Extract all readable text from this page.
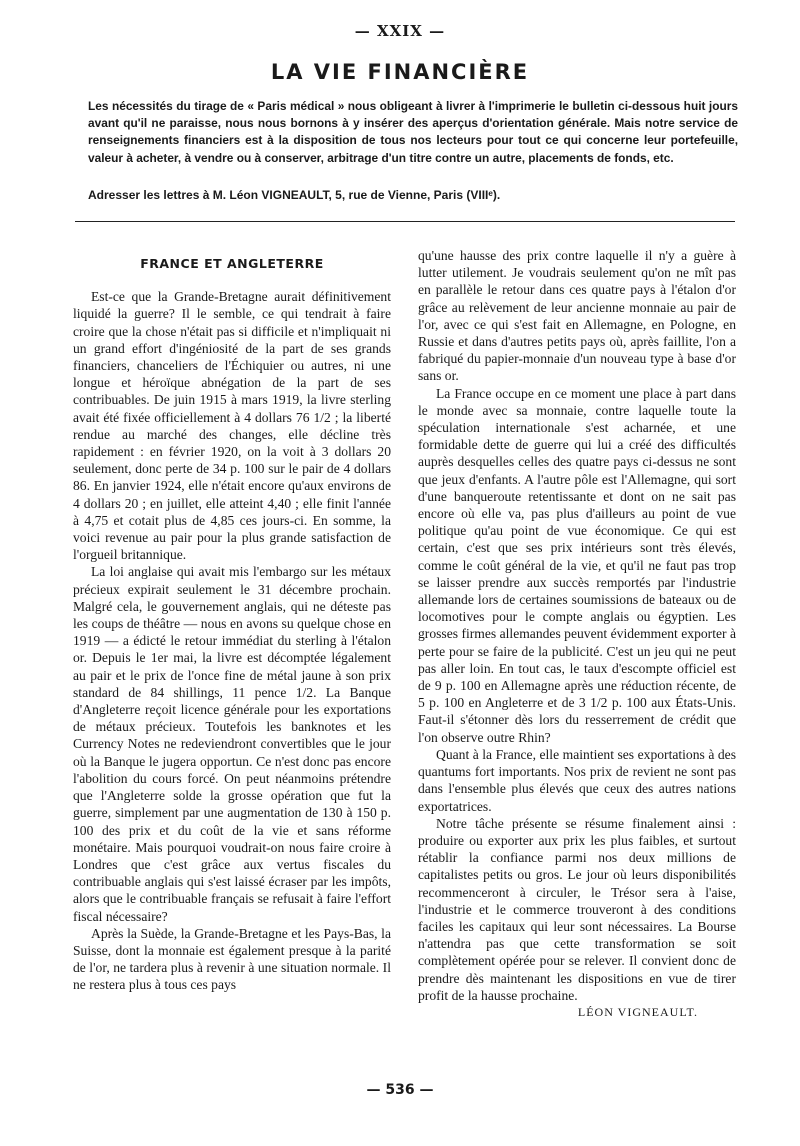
— XXIX —
LA VIE FINANCIÈRE

Les nécessités du tirage de « Paris médical » nous obligeant à livrer à l'imprimerie le bulletin ci-dessous huit jours avant qu'il ne paraisse, nous nous bornons à y insérer des aperçus d'orientation générale. Mais notre service de renseignements financiers est à la disposition de tous nos lecteurs pour tout ce qui concerne leur portefeuille, valeur à acheter, à vendre ou à conserver, arbitrage d'un titre contre un autre, placements de fonds, etc.

Adresser les lettres à M. Léon VIGNEAULT, 5, rue de Vienne, Paris (VIIIᵉ).
FRANCE ET ANGLETERRE

Est-ce que la Grande-Bretagne aurait définitivement liquidé la guerre? Il le semble, ce qui tendrait à faire croire que la chose n'était pas si difficile et n'impliquait ni un grand effort d'ingéniosité de la part de ses grands financiers, chanceliers de l'Échiquier ou autres, ni une longue et héroïque abnégation de la part de ses contribuables. De juin 1915 à mars 1919, la livre sterling avait été fixée officiellement à 4 dollars 76 1/2 ; la liberté rendue au marché des changes, elle décline très rapidement : en février 1920, on la voit à 3 dollars 20 seulement, donc perte de 34 p. 100 sur le pair de 4 dollars 86. En janvier 1924, elle n'était encore qu'aux environs de 4 dollars 20 ; en juillet, elle atteint 4,40 ; elle finit l'année à 4,75 et cotait plus de 4,85 ces jours-ci. En somme, la voici revenue au pair pour la plus grande satisfaction de l'orgueil britannique.

La loi anglaise qui avait mis l'embargo sur les métaux précieux expirait seulement le 31 décembre prochain. Malgré cela, le gouvernement anglais, qui ne déteste pas les coups de théâtre — nous en avons su quelque chose en 1919 — a édicté le retour immédiat du sterling à l'étalon or. Depuis le 1er mai, la livre est décomptée légalement au pair et le prix de l'once fine de métal jaune à son prix standard de 84 shillings, 11 pence 1/2. La Banque d'Angleterre reçoit licence générale pour les exportations de métaux précieux. Toutefois les banknotes et les Currency Notes ne redeviendront convertibles que le jour où la Banque le jugera opportun. Ce n'est donc pas encore l'abolition du cours forcé. On peut néanmoins prétendre que l'Angleterre solde la grosse opération que fut la guerre, simplement par une augmentation de 130 à 150 p. 100 des prix et du coût de la vie et sans réforme monétaire. Mais pourquoi voudrait-on nous faire croire à Londres que c'est grâce aux vertus fiscales du contribuable anglais qui s'est laissé écraser par les impôts, alors que le contribuable français se refusait à faire l'effort fiscal nécessaire?

Après la Suède, la Grande-Bretagne et les Pays-Bas, la Suisse, dont la monnaie est également presque à la parité de l'or, ne tardera plus à revenir à une situation normale. Il ne restera plus à tous ces pays

qu'une hausse des prix contre laquelle il n'y a guère à lutter utilement. Je voudrais seulement qu'on ne mît pas en parallèle le retour dans ces quatre pays à l'étalon d'or grâce au relèvement de leur ancienne monnaie au pair de l'or, avec ce qui s'est fait en Allemagne, en Pologne, en Russie et dans d'autres petits pays où, après faillite, l'on a fabriqué du papier-monnaie d'un nouveau type à base d'or sans or.

La France occupe en ce moment une place à part dans le monde avec sa monnaie, contre laquelle toute la spéculation internationale s'est acharnée, et une formidable dette de guerre qui lui a créé des difficultés auprès desquelles celles des quatre pays ci-dessus ne sont que jeux d'enfants. A l'autre pôle est l'Allemagne, qui sort d'une banqueroute retentissante et dont on ne sait pas encore où elle va, pas plus d'ailleurs au point de vue politique qu'au point de vue économique. Ce qui est certain, c'est que ses prix intérieurs sont très élevés, comme le coût général de la vie, et qu'il ne faut pas trop se laisser prendre aux succès remportés par l'industrie allemande lors de certaines soumissions de bateaux ou de locomotives pour le compte anglais ou égyptien. Les grosses firmes allemandes peuvent évidemment exporter à perte pour se faire de la publicité. C'est un jeu qui ne peut pas aller loin. En tout cas, le taux d'escompte officiel est de 9 p. 100 en Allemagne après une réduction récente, de 5 p. 100 en Angleterre et de 3 1/2 p. 100 aux États-Unis. Faut-il s'étonner dès lors du resserrement de crédit que l'on observe outre Rhin?

Quant à la France, elle maintient ses exportations à des quantums fort importants. Nos prix de revient ne sont pas dans l'ensemble plus élevés que ceux des autres nations exportatrices.

Notre tâche présente se résume finalement ainsi : produire ou exporter aux prix les plus faibles, et surtout rétablir la confiance parmi nos deux millions de capitalistes petits ou gros. Le jour où leurs disponibilités recommenceront à circuler, le Trésor sera à l'aise, l'industrie et le commerce trouveront à des conditions faciles les capitaux qui leur sont nécessaires. La Bourse n'attendra pas que cette transformation se soit complètement opérée pour se relever. Il convient donc de prendre dès maintenant les dispositions en vue de tirer profit de la hausse prochaine.

LÉON VIGNEAULT.
— 536 —
